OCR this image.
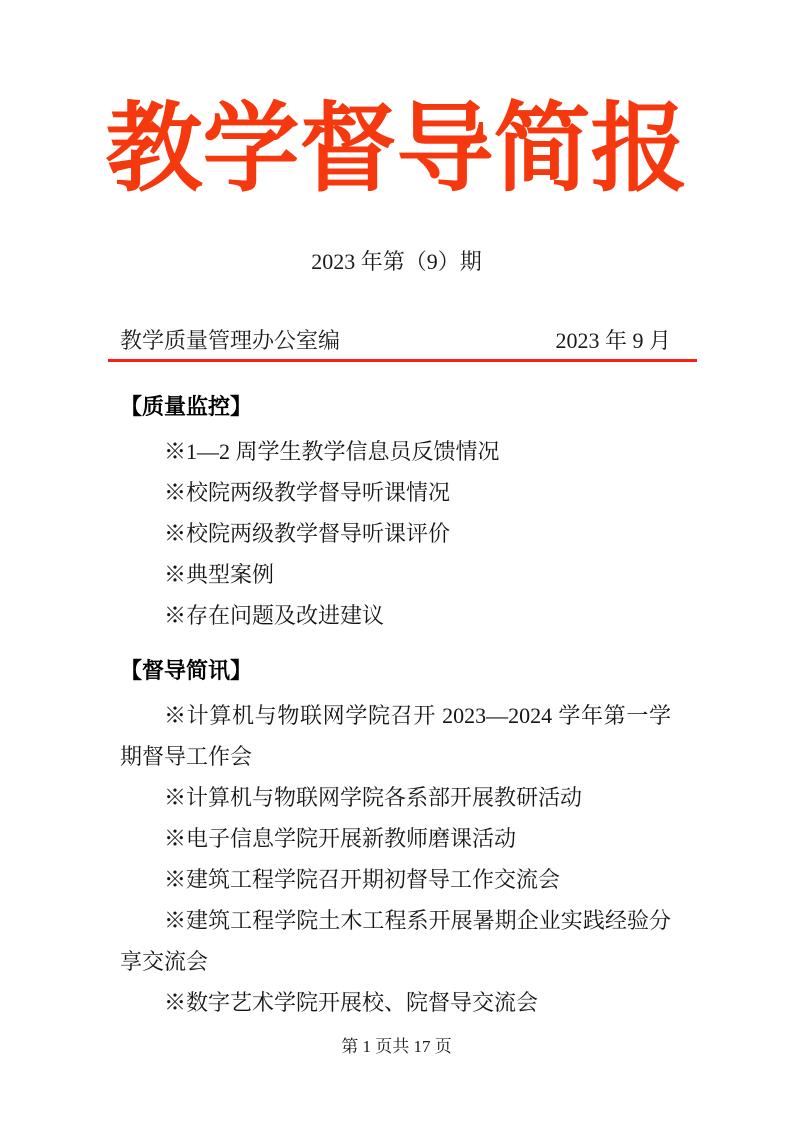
教学督导简报
2023 年第（9）期
教学质量管理办公室编	2023 年 9 月
【质量监控】

※1—2 周学生教学信息员反馈情况

※校院两级教学督导听课情况

※校院两级教学督导听课评价

※典型案例

※存在问题及改进建议

【督导简讯】

※计算机与物联网学院召开 2023—2024 学年第一学期督导工作会

※计算机与物联网学院各系部开展教研活动

※电子信息学院开展新教师磨课活动

※建筑工程学院召开期初督导工作交流会

※建筑工程学院土木工程系开展暑期企业实践经验分享交流会

※数字艺术学院开展校、院督导交流会

第 1 页共 17 页
